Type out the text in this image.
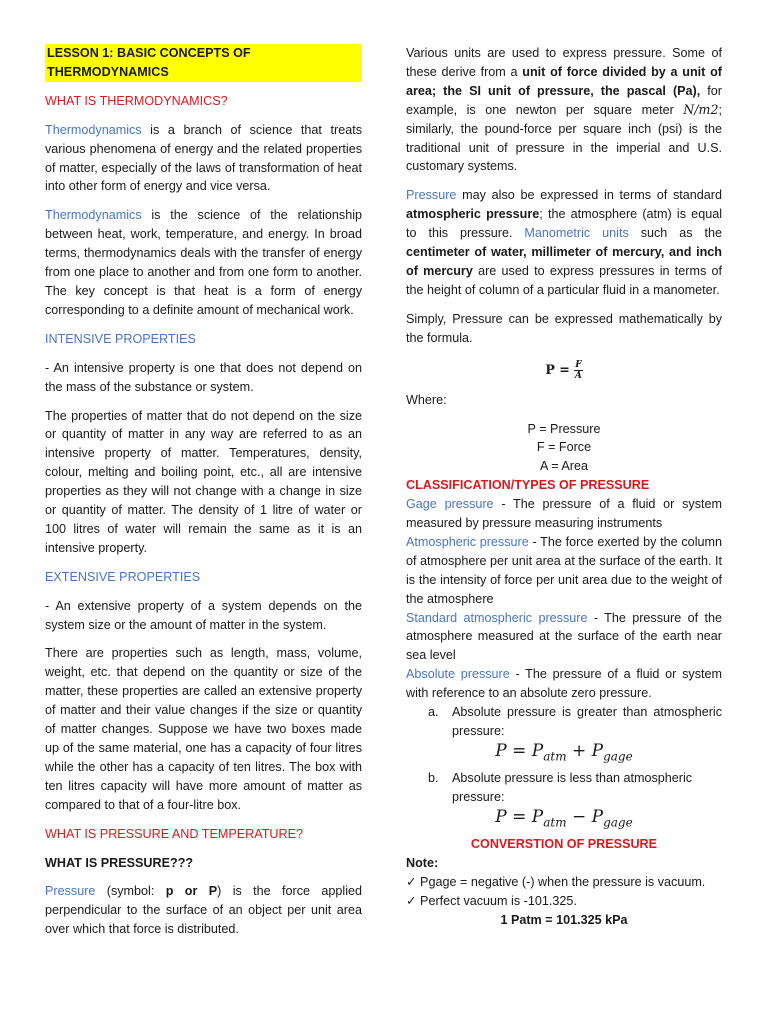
LESSON 1: BASIC CONCEPTS OF THERMODYNAMICS

WHAT IS THERMODYNAMICS?

Thermodynamics is a branch of science that treats various phenomena of energy and the related properties of matter, especially of the laws of transformation of heat into other form of energy and vice versa.

Thermodynamics is the science of the relationship between heat, work, temperature, and energy. In broad terms, thermodynamics deals with the transfer of energy from one place to another and from one form to another. The key concept is that heat is a form of energy corresponding to a definite amount of mechanical work.

INTENSIVE PROPERTIES

- An intensive property is one that does not depend on the mass of the substance or system.

The properties of matter that do not depend on the size or quantity of matter in any way are referred to as an intensive property of matter. Temperatures, density, colour, melting and boiling point, etc., all are intensive properties as they will not change with a change in size or quantity of matter. The density of 1 litre of water or 100 litres of water will remain the same as it is an intensive property.

EXTENSIVE PROPERTIES

- An extensive property of a system depends on the system size or the amount of matter in the system.

There are properties such as length, mass, volume, weight, etc. that depend on the quantity or size of the matter, these properties are called an extensive property of matter and their value changes if the size or quantity of matter changes. Suppose we have two boxes made up of the same material, one has a capacity of four litres while the other has a capacity of ten litres. The box with ten litres capacity will have more amount of matter as compared to that of a four-litre box.

WHAT IS PRESSURE AND TEMPERATURE?

WHAT IS PRESSURE???

Pressure (symbol: p or P) is the force applied perpendicular to the surface of an object per unit area over which that force is distributed.

Various units are used to express pressure. Some of these derive from a unit of force divided by a unit of area; the SI unit of pressure, the pascal (Pa), for example, is one newton per square meter N/m2; similarly, the pound-force per square inch (psi) is the traditional unit of pressure in the imperial and U.S. customary systems.

Pressure may also be expressed in terms of standard atmospheric pressure; the atmosphere (atm) is equal to this pressure. Manometric units such as the centimeter of water, millimeter of mercury, and inch of mercury are used to express pressures in terms of the height of column of a particular fluid in a manometer.

Simply, Pressure can be expressed mathematically by the formula.

$P = \frac{F}{A}$

Where:

P = Pressure

F = Force

A = Area

CLASSIFICATION/TYPES OF PRESSURE

Gage pressure - The pressure of a fluid or system measured by pressure measuring instruments

Atmospheric pressure - The force exerted by the column of atmosphere per unit area at the surface of the earth. It is the intensity of force per unit area due to the weight of the atmosphere

Standard atmospheric pressure - The pressure of the atmosphere measured at the surface of the earth near sea level

Absolute pressure - The pressure of a fluid or system with reference to an absolute zero pressure.

a.	Absolute pressure is greater than atmospheric pressure:
$P = P_{atm} + P_{gage}$
b.	Absolute pressure is less than atmospheric pressure:
$P = P_{atm} - P_{gage}$

CONVERSTION OF PRESSURE

Note:

✓ Pgage = negative (-) when the pressure is vacuum.

✓ Perfect vacuum is -101.325.

1 Patm = 101.325 kPa
